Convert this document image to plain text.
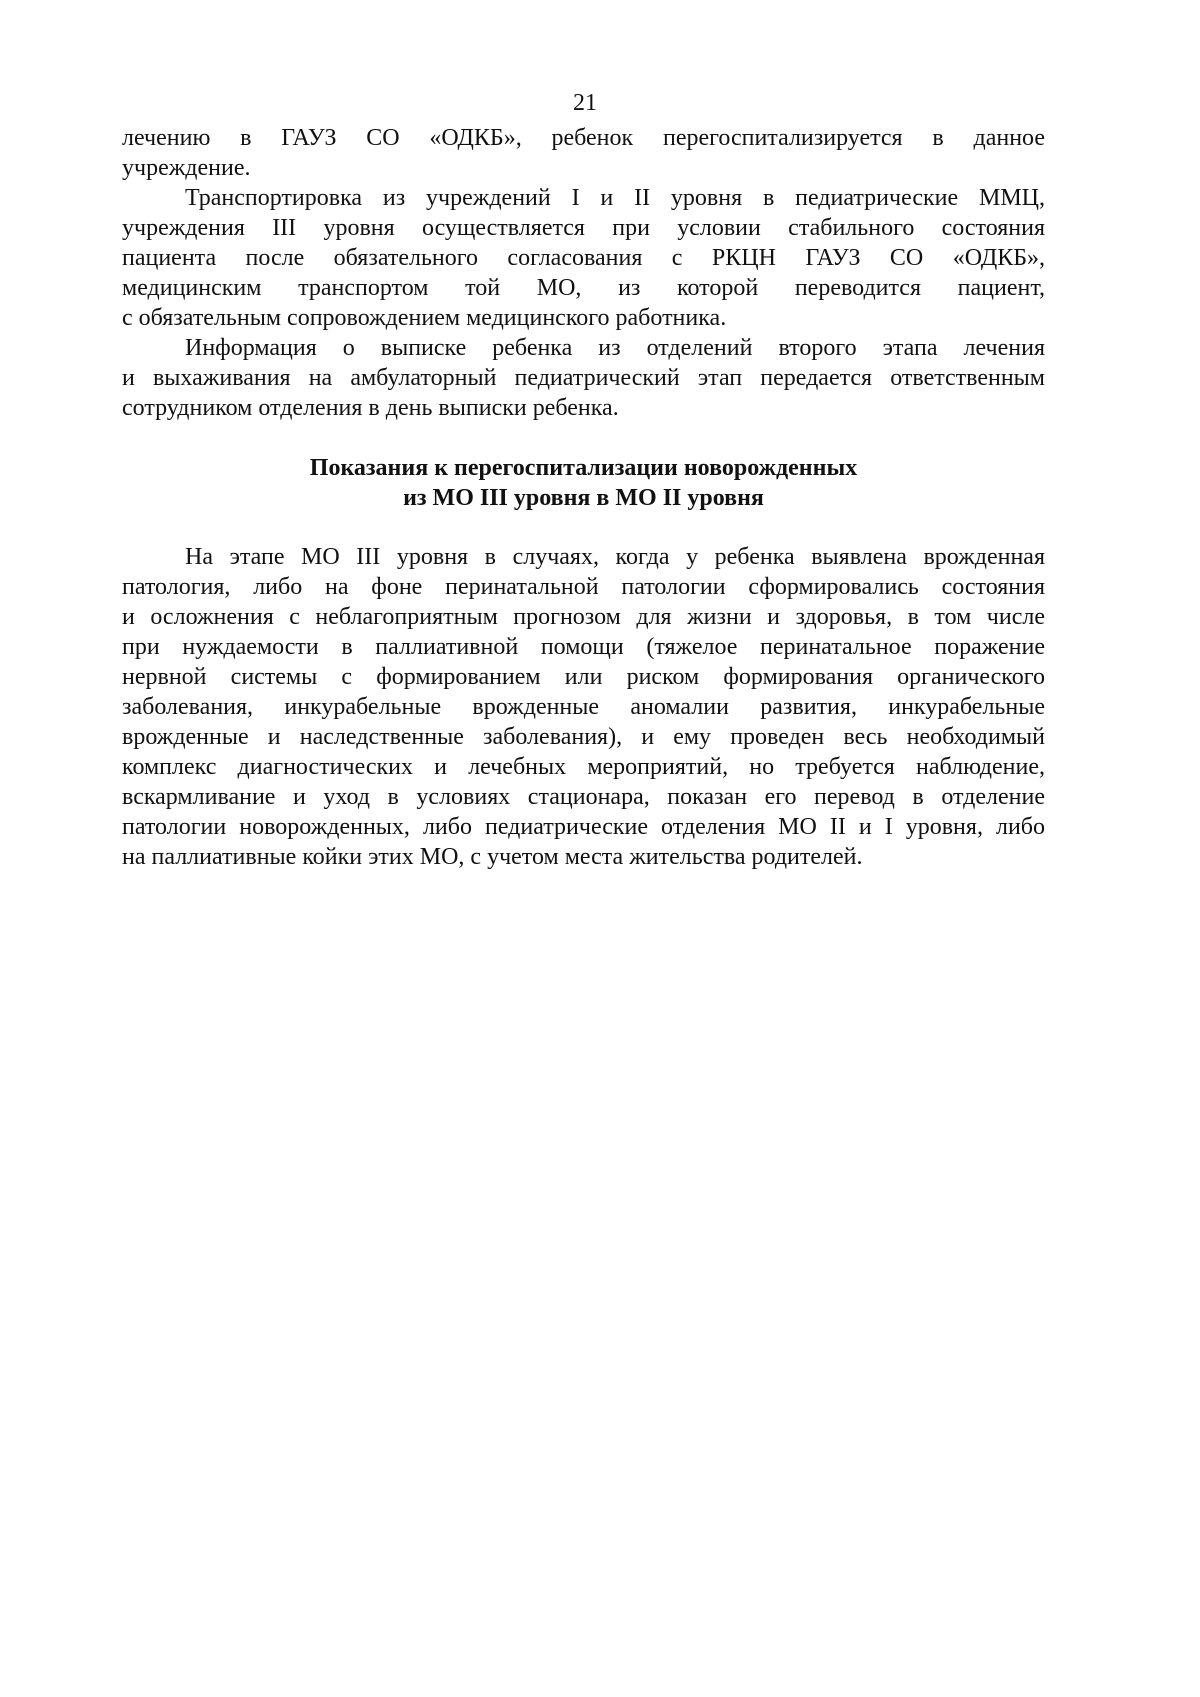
21
лечению в ГАУЗ СО «ОДКБ», ребенок перегоспитализируется в данное
учреждение.
Транспортировка из учреждений I и II уровня в педиатрические ММЦ,
учреждения III уровня осуществляется при условии стабильного состояния
пациента после обязательного согласования с РКЦН ГАУЗ СО «ОДКБ»,
медицинским транспортом той МО, из которой переводится пациент,
с обязательным сопровождением медицинского работника.
Информация о выписке ребенка из отделений второго этапа лечения
и выхаживания на амбулаторный педиатрический этап передается ответственным
сотрудником отделения в день выписки ребенка.
Показания к перегоспитализации новорожденных
из МО III уровня в МО II уровня
На этапе МО III уровня в случаях, когда у ребенка выявлена врожденная
патология, либо на фоне перинатальной патологии сформировались состояния
и осложнения с неблагоприятным прогнозом для жизни и здоровья, в том числе
при нуждаемости в паллиативной помощи (тяжелое перинатальное поражение
нервной системы с формированием или риском формирования органического
заболевания, инкурабельные врожденные аномалии развития, инкурабельные
врожденные и наследственные заболевания), и ему проведен весь необходимый
комплекс диагностических и лечебных мероприятий, но требуется наблюдение,
вскармливание и уход в условиях стационара, показан его перевод в отделение
патологии новорожденных, либо педиатрические отделения МО II и I уровня, либо
на паллиативные койки этих МО, с учетом места жительства родителей.
